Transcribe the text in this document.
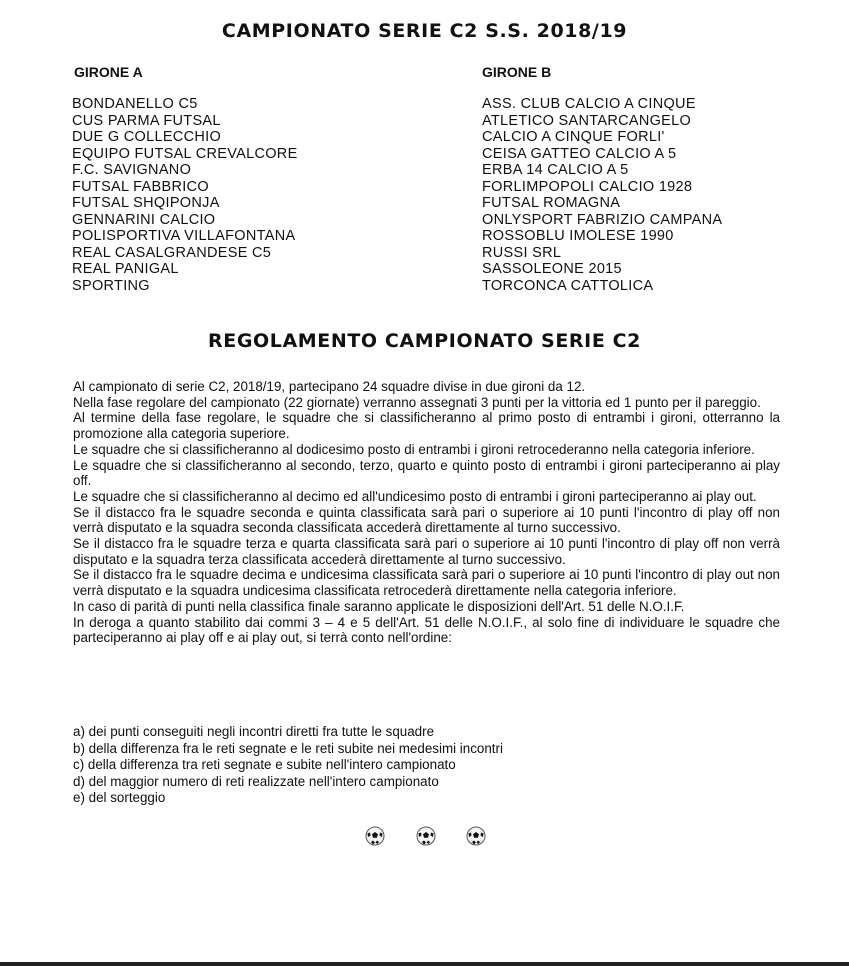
CAMPIONATO SERIE C2 S.S. 2018/19
GIRONE A	GIRONE B
BONDANELLO C5
CUS PARMA FUTSAL
DUE G COLLECCHIO
EQUIPO FUTSAL CREVALCORE
F.C. SAVIGNANO
FUTSAL FABBRICO
FUTSAL SHQIPONJA
GENNARINI CALCIO
POLISPORTIVA VILLAFONTANA
REAL CASALGRANDESE C5
REAL PANIGAL
SPORTING
ASS. CLUB CALCIO A CINQUE
ATLETICO SANTARCANGELO
CALCIO A CINQUE FORLI'
CEISA GATTEO CALCIO A 5
ERBA 14 CALCIO A 5
FORLIMPOPOLI CALCIO 1928
FUTSAL ROMAGNA
ONLYSPORT FABRIZIO CAMPANA
ROSSOBLU IMOLESE 1990
RUSSI SRL
SASSOLEONE 2015
TORCONCA CATTOLICA
REGOLAMENTO CAMPIONATO SERIE C2

Al campionato di serie C2, 2018/19, partecipano 24 squadre divise in due gironi da 12.

Nella fase regolare del campionato (22 giornate) verranno assegnati 3 punti per la vittoria ed 1 punto per il pareggio.

Al termine della fase regolare, le squadre che si classificheranno al primo posto di entrambi i gironi, otterranno la promozione alla categoria superiore.

Le squadre che si classificheranno al dodicesimo posto di entrambi i gironi retrocederanno nella categoria inferiore.

Le squadre che si classificheranno al secondo, terzo, quarto e quinto posto di entrambi i gironi parteciperanno ai play off.

Le squadre che si classificheranno al decimo ed all'undicesimo posto di entrambi i gironi parteciperanno ai play out.

Se il distacco fra le squadre seconda e quinta classificata sarà pari o superiore ai 10 punti l'incontro di play off non verrà disputato e la squadra seconda classificata accederà direttamente al turno successivo.

Se il distacco fra le squadre terza e quarta classificata sarà pari o superiore ai 10 punti l'incontro di play off non verrà disputato e la squadra terza classificata accederà direttamente al turno successivo.

Se il distacco fra le squadre decima e undicesima classificata sarà pari o superiore ai 10 punti l'incontro di play out non verrà disputato e la squadra undicesima classificata retrocederà direttamente nella categoria inferiore.

In caso di parità di punti nella classifica finale saranno applicate le disposizioni dell'Art. 51 delle N.O.I.F.

In deroga a quanto stabilito dai commi 3 – 4 e 5 dell'Art. 51 delle N.O.I.F., al solo fine di individuare le squadre che parteciperanno ai play off e ai play out, si terrà conto nell'ordine:

a) dei punti conseguiti negli incontri diretti fra tutte le squadre
b) della differenza fra le reti segnate e le reti subite nei medesimi incontri
c) della differenza tra reti segnate e subite nell'intero campionato
d) del maggior numero di reti realizzate nell'intero campionato
e) del sorteggio
